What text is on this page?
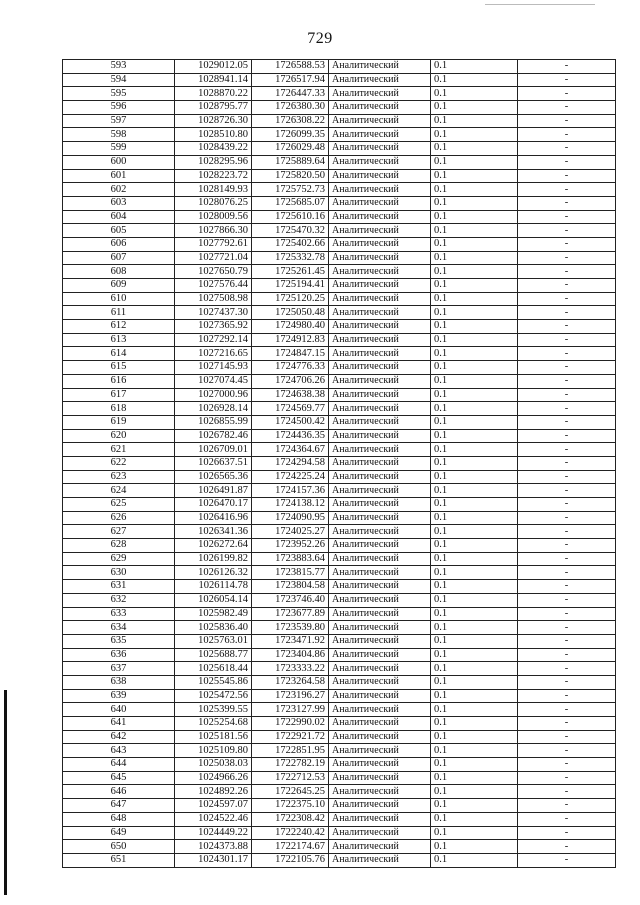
729
593	1029012.05	1726588.53	Аналитический	0.1	-
594	1028941.14	1726517.94	Аналитический	0.1	-
595	1028870.22	1726447.33	Аналитический	0.1	-
596	1028795.77	1726380.30	Аналитический	0.1	-
597	1028726.30	1726308.22	Аналитический	0.1	-
598	1028510.80	1726099.35	Аналитический	0.1	-
599	1028439.22	1726029.48	Аналитический	0.1	-
600	1028295.96	1725889.64	Аналитический	0.1	-
601	1028223.72	1725820.50	Аналитический	0.1	-
602	1028149.93	1725752.73	Аналитический	0.1	-
603	1028076.25	1725685.07	Аналитический	0.1	-
604	1028009.56	1725610.16	Аналитический	0.1	-
605	1027866.30	1725470.32	Аналитический	0.1	-
606	1027792.61	1725402.66	Аналитический	0.1	-
607	1027721.04	1725332.78	Аналитический	0.1	-
608	1027650.79	1725261.45	Аналитический	0.1	-
609	1027576.44	1725194.41	Аналитический	0.1	-
610	1027508.98	1725120.25	Аналитический	0.1	-
611	1027437.30	1725050.48	Аналитический	0.1	-
612	1027365.92	1724980.40	Аналитический	0.1	-
613	1027292.14	1724912.83	Аналитический	0.1	-
614	1027216.65	1724847.15	Аналитический	0.1	-
615	1027145.93	1724776.33	Аналитический	0.1	-
616	1027074.45	1724706.26	Аналитический	0.1	-
617	1027000.96	1724638.38	Аналитический	0.1	-
618	1026928.14	1724569.77	Аналитический	0.1	-
619	1026855.99	1724500.42	Аналитический	0.1	-
620	1026782.46	1724436.35	Аналитический	0.1	-
621	1026709.01	1724364.67	Аналитический	0.1	-
622	1026637.51	1724294.58	Аналитический	0.1	-
623	1026565.36	1724225.24	Аналитический	0.1	-
624	1026491.87	1724157.36	Аналитический	0.1	-
625	1026470.17	1724138.12	Аналитический	0.1	-
626	1026416.96	1724090.95	Аналитический	0.1	-
627	1026341.36	1724025.27	Аналитический	0.1	-
628	1026272.64	1723952.26	Аналитический	0.1	-
629	1026199.82	1723883.64	Аналитический	0.1	-
630	1026126.32	1723815.77	Аналитический	0.1	-
631	1026114.78	1723804.58	Аналитический	0.1	-
632	1026054.14	1723746.40	Аналитический	0.1	-
633	1025982.49	1723677.89	Аналитический	0.1	-
634	1025836.40	1723539.80	Аналитический	0.1	-
635	1025763.01	1723471.92	Аналитический	0.1	-
636	1025688.77	1723404.86	Аналитический	0.1	-
637	1025618.44	1723333.22	Аналитический	0.1	-
638	1025545.86	1723264.58	Аналитический	0.1	-
639	1025472.56	1723196.27	Аналитический	0.1	-
640	1025399.55	1723127.99	Аналитический	0.1	-
641	1025254.68	1722990.02	Аналитический	0.1	-
642	1025181.56	1722921.72	Аналитический	0.1	-
643	1025109.80	1722851.95	Аналитический	0.1	-
644	1025038.03	1722782.19	Аналитический	0.1	-
645	1024966.26	1722712.53	Аналитический	0.1	-
646	1024892.26	1722645.25	Аналитический	0.1	-
647	1024597.07	1722375.10	Аналитический	0.1	-
648	1024522.46	1722308.42	Аналитический	0.1	-
649	1024449.22	1722240.42	Аналитический	0.1	-
650	1024373.88	1722174.67	Аналитический	0.1	-
651	1024301.17	1722105.76	Аналитический	0.1	-
